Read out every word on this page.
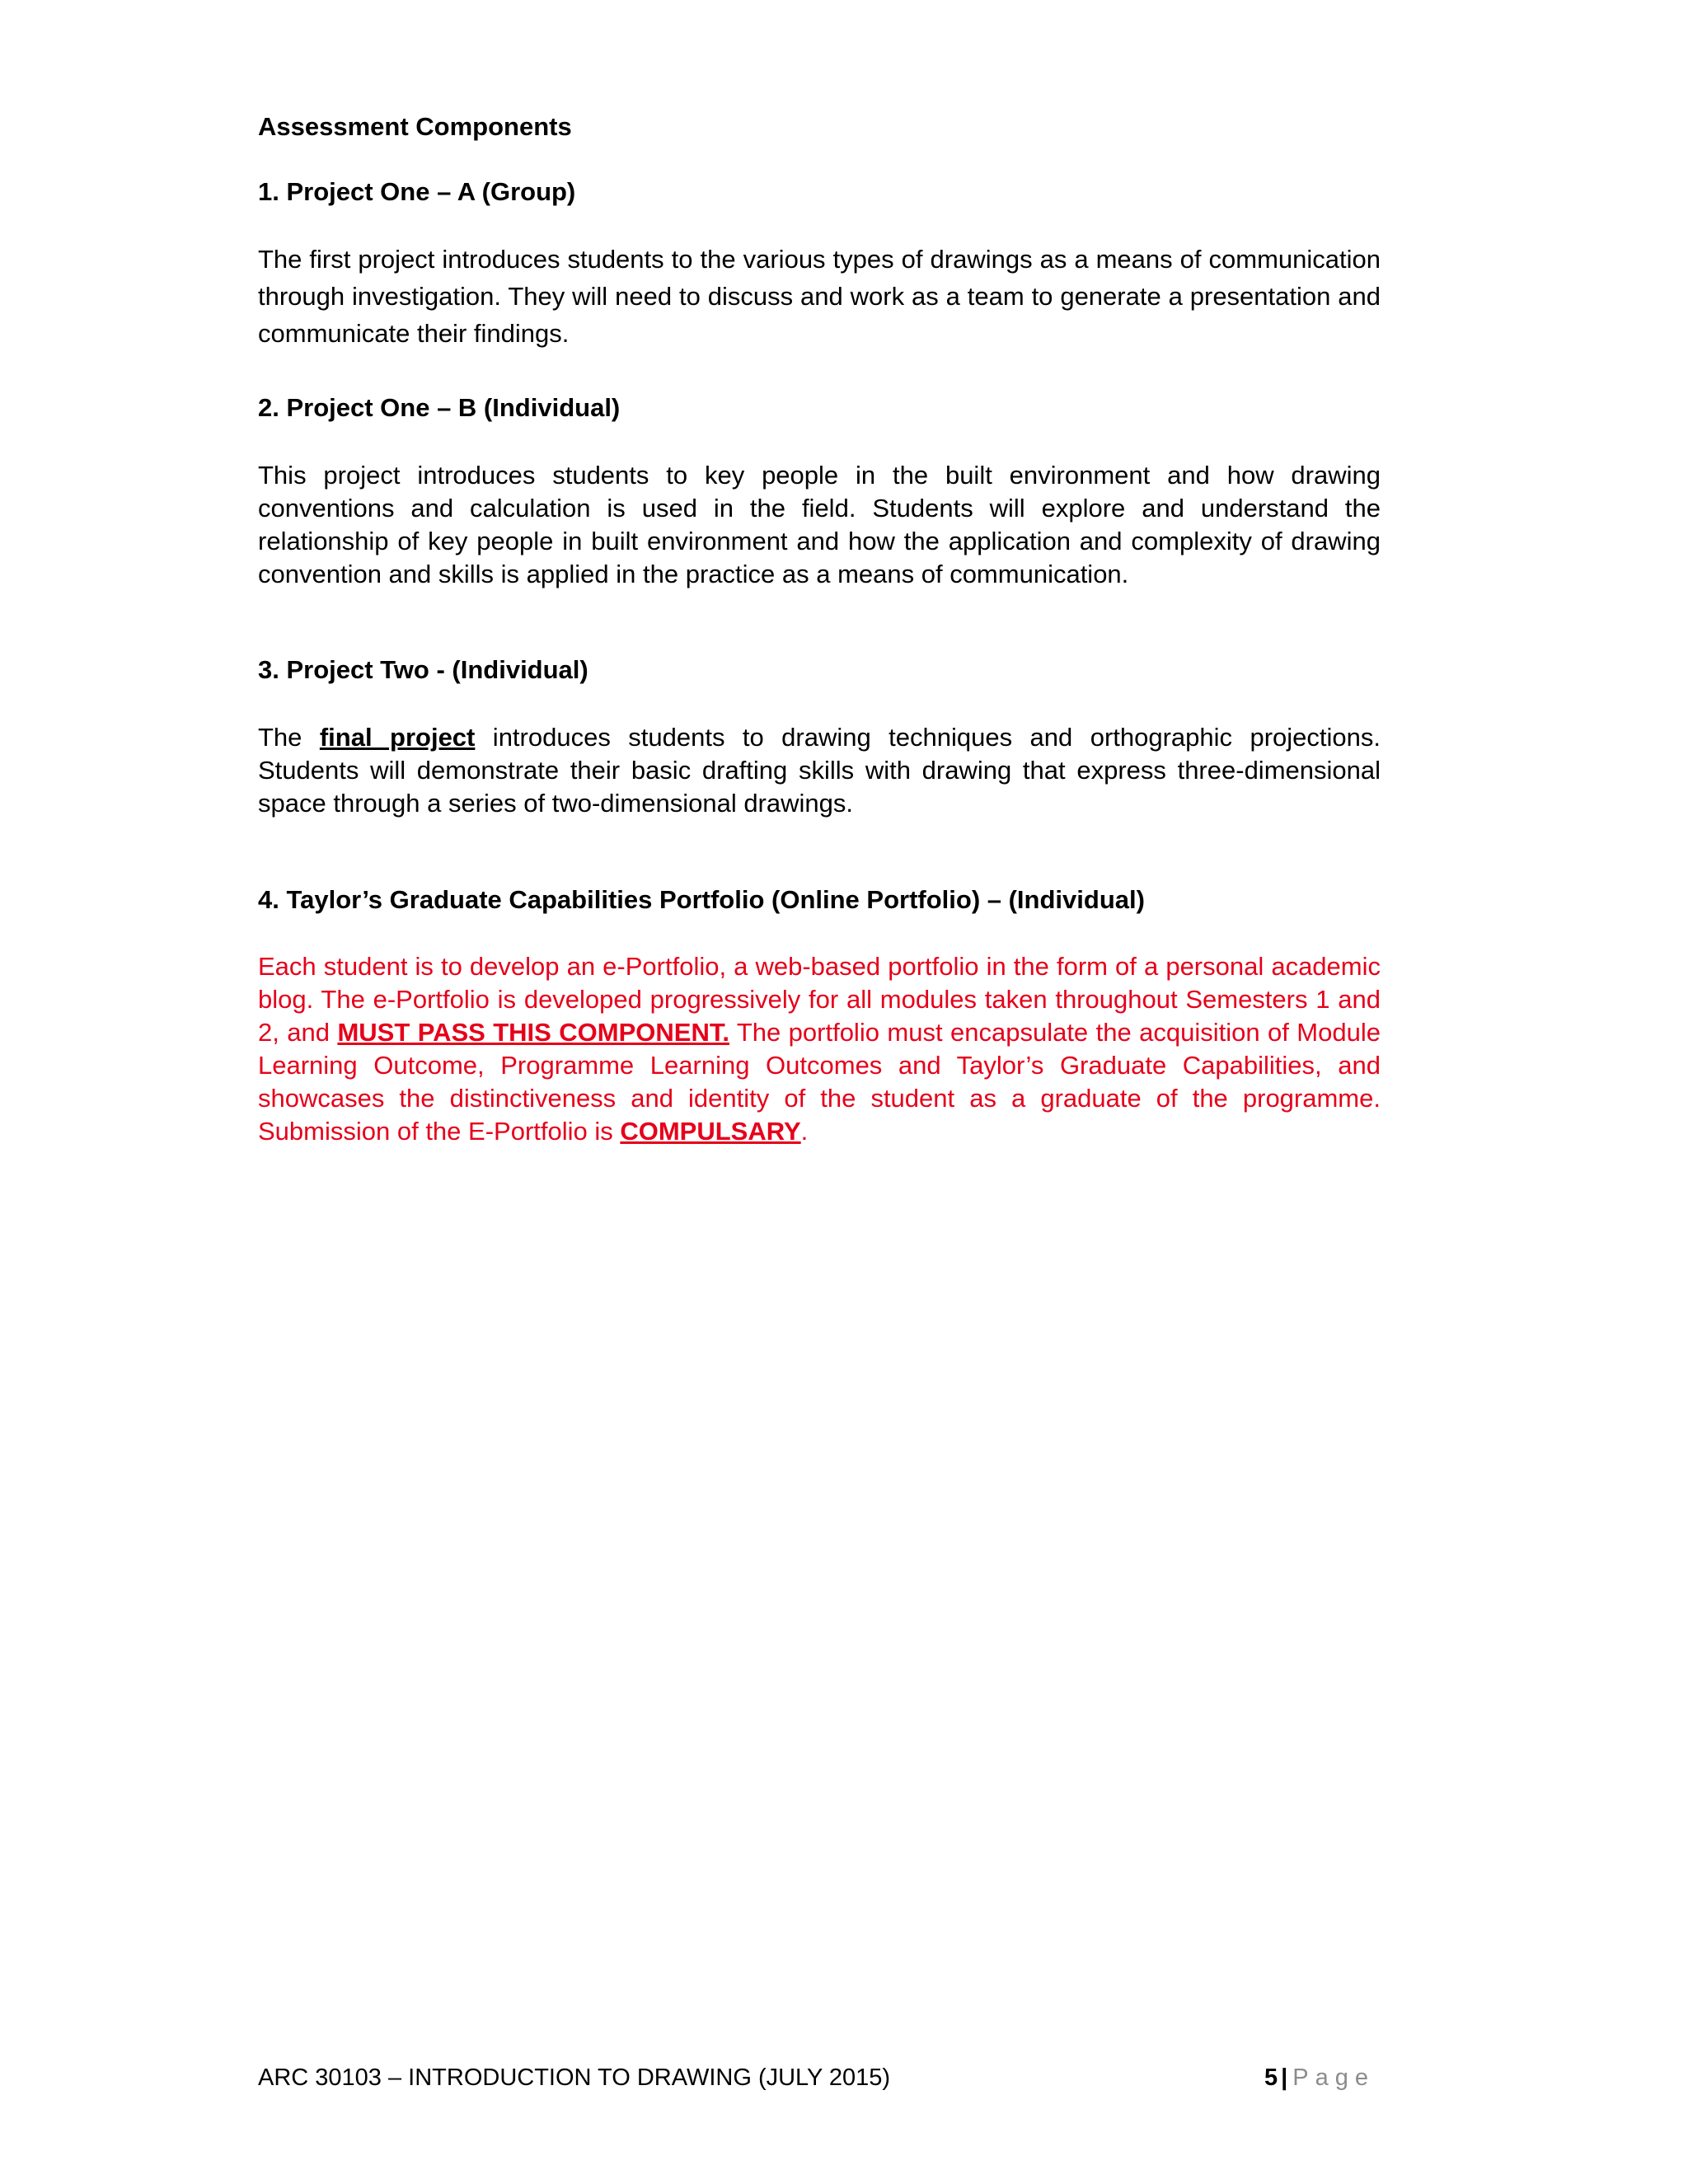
Assessment Components
1. Project One – A (Group)
The first project introduces students to the various types of drawings as a means of communication through investigation. They will need to discuss and work as a team to generate a presentation and communicate their findings.
2. Project One – B (Individual)
This project introduces students to key people in the built environment and how drawing conventions and calculation is used in the field. Students will explore and understand the relationship of key people in built environment and how the application and complexity of drawing convention and skills is applied in the practice as a means of communication.
3. Project Two - (Individual)
The final project introduces students to drawing techniques and orthographic projections. Students will demonstrate their basic drafting skills with drawing that express three-dimensional space through a series of two-dimensional drawings.
4. Taylor’s Graduate Capabilities Portfolio (Online Portfolio) – (Individual)
Each student is to develop an e-Portfolio, a web-based portfolio in the form of a personal academic blog. The e-Portfolio is developed progressively for all modules taken throughout Semesters 1 and 2, and MUST PASS THIS COMPONENT. The portfolio must encapsulate the acquisition of Module Learning Outcome, Programme Learning Outcomes and Taylor’s Graduate Capabilities, and showcases the distinctiveness and identity of the student as a graduate of the programme. Submission of the E-Portfolio is COMPULSARY.
ARC 30103 – INTRODUCTION TO DRAWING (JULY 2015)	5 | Page
